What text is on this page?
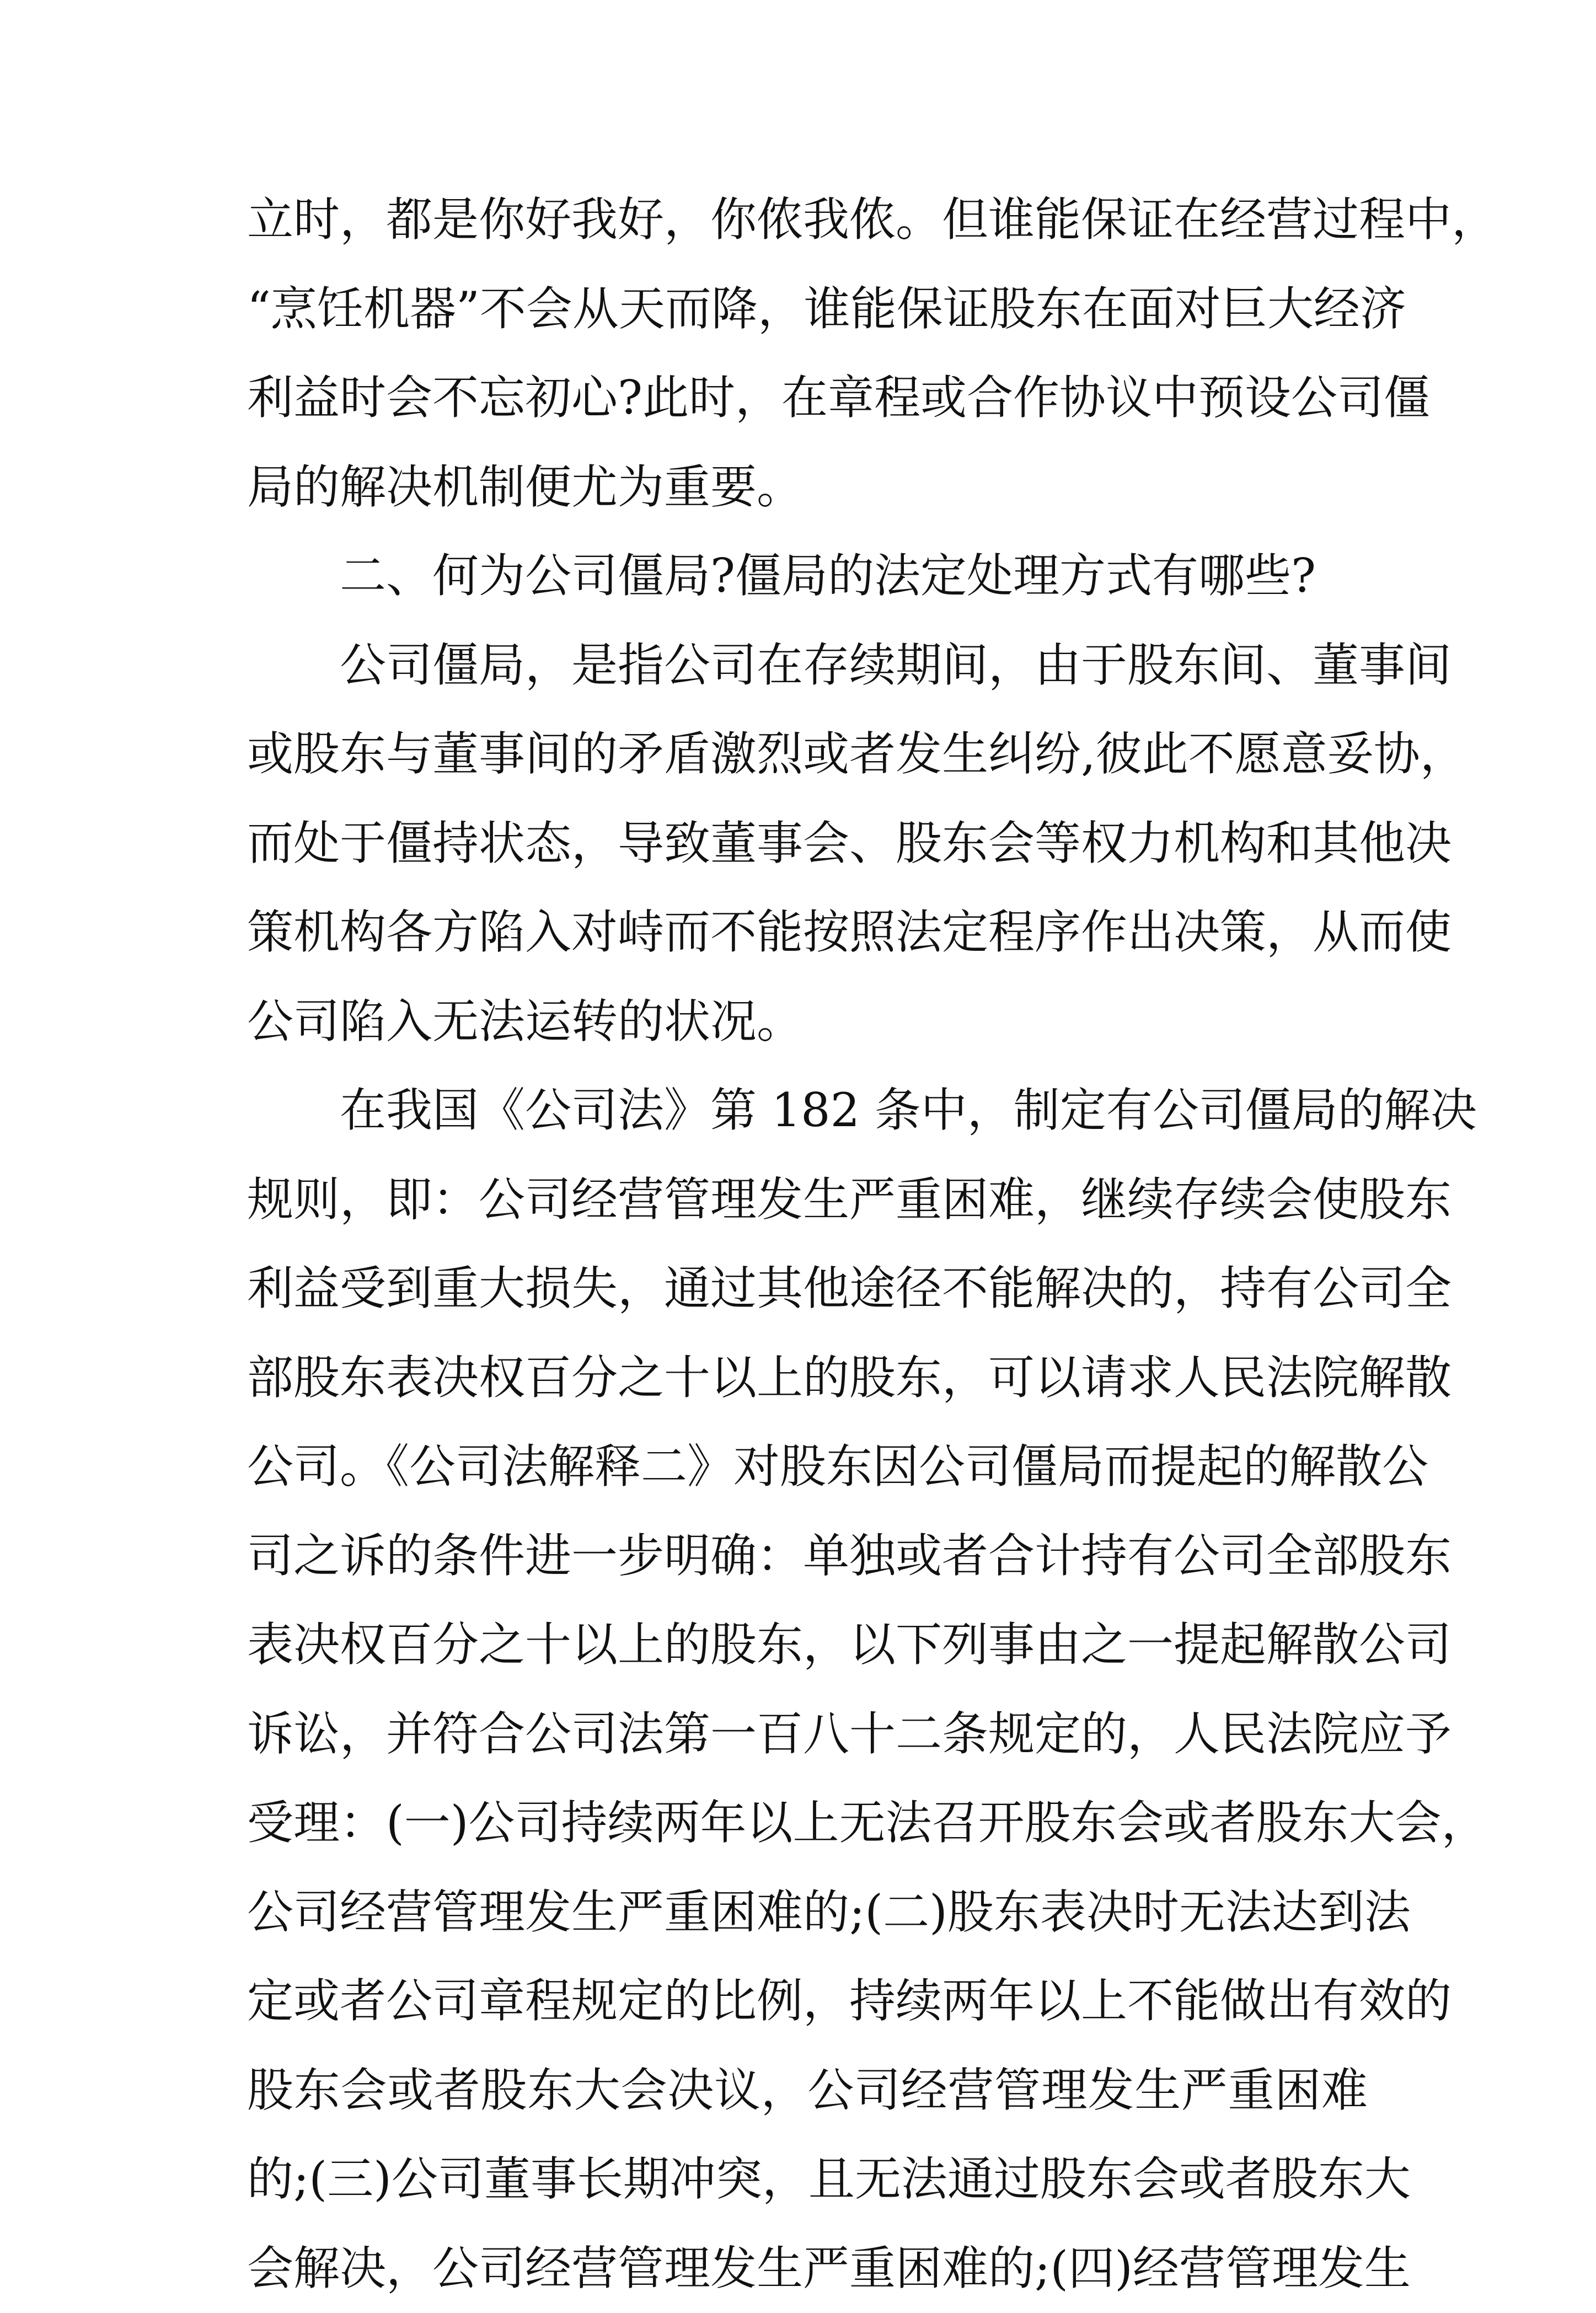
立时，都是你好我好，你侬我侬。但谁能保证在经营过程中，
“烹饪机器”不会从天而降，谁能保证股东在面对巨大经济
利益时会不忘初心?此时，在章程或合作协议中预设公司僵
局的解决机制便尤为重要。
二、何为公司僵局?僵局的法定处理方式有哪些?
公司僵局，是指公司在存续期间，由于股东间、董事间
或股东与董事间的矛盾激烈或者发生纠纷,彼此不愿意妥协，
而处于僵持状态，导致董事会、股东会等权力机构和其他决
策机构各方陷入对峙而不能按照法定程序作出决策，从而使
公司陷入无法运转的状况。
在我国《公司法》第 182 条中，制定有公司僵局的解决
规则，即：公司经营管理发生严重困难，继续存续会使股东
利益受到重大损失，通过其他途径不能解决的，持有公司全
部股东表决权百分之十以上的股东，可以请求人民法院解散
公司。《公司法解释二》对股东因公司僵局而提起的解散公
司之诉的条件进一步明确：单独或者合计持有公司全部股东
表决权百分之十以上的股东，以下列事由之一提起解散公司
诉讼，并符合公司法第一百八十二条规定的，人民法院应予
受理：(一)公司持续两年以上无法召开股东会或者股东大会，
公司经营管理发生严重困难的;(二)股东表决时无法达到法
定或者公司章程规定的比例，持续两年以上不能做出有效的
股东会或者股东大会决议，公司经营管理发生严重困难
的;(三)公司董事长期冲突，且无法通过股东会或者股东大
会解决，公司经营管理发生严重困难的;(四)经营管理发生
